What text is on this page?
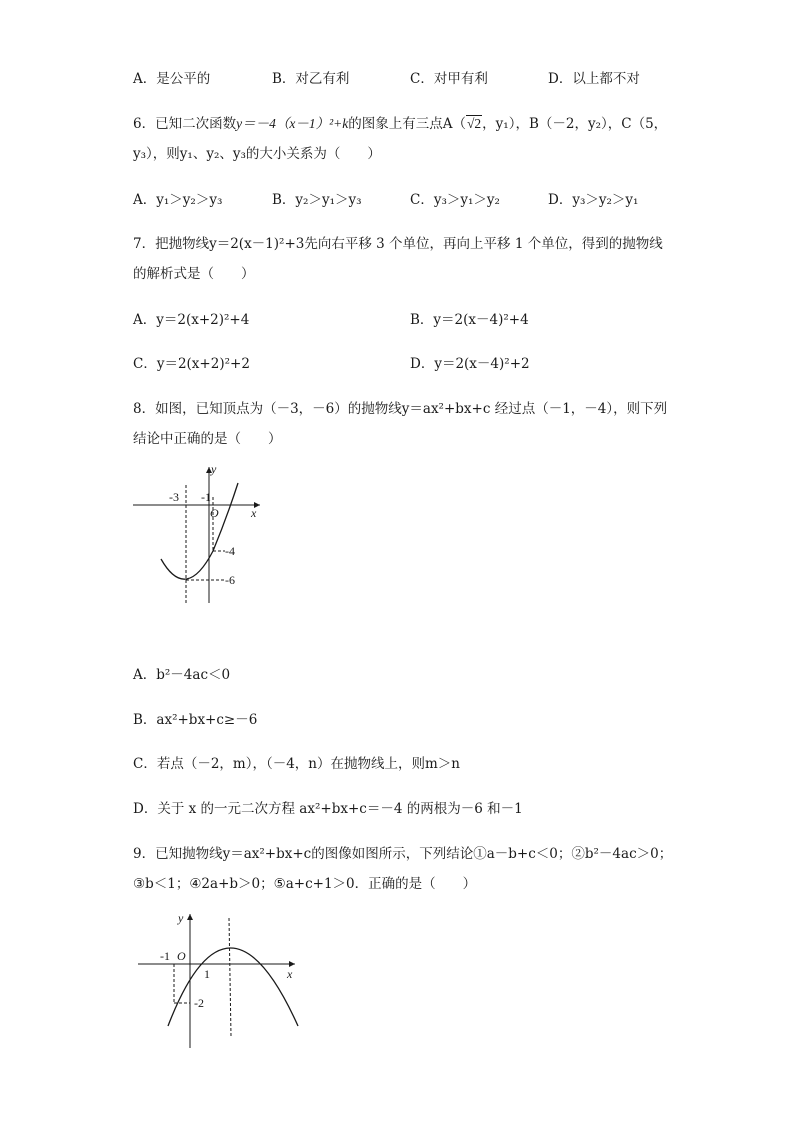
A．是公平的	B．对乙有利	C．对甲有利	D．以上都不对
6．已知二次函数y＝－4（x－1）²+k的图象上有三点A（√2，y₁），B（－2，y₂），C（5，
y₃），则y₁、y₂、y₃的大小关系为（　　）
A．y₁＞y₂＞y₃	B．y₂＞y₁＞y₃	C．y₃＞y₁＞y₂	D．y₃＞y₂＞y₁
7．把抛物线y＝2(x－1)²+3先向右平移 3 个单位，再向上平移 1 个单位，得到的抛物线
的解析式是（　　）
A．y＝2(x+2)²+4	B．y＝2(x－4)²+4
C．y＝2(x+2)²+2	D．y＝2(x－4)²+2
8．如图，已知顶点为（－3，－6）的抛物线y＝ax²+bx+c 经过点（－1，－4），则下列
结论中正确的是（　　）
y
x
O
-3 -1
-4
-6
A．b²－4ac＜0
B．ax²+bx+c≥－6
C．若点（－2，m），（－4，n）在抛物线上，则m＞n
D．关于 x 的一元二次方程 ax²+bx+c＝－4 的两根为－6 和－1
9．已知抛物线y＝ax²+bx+c的图像如图所示，下列结论①a－b+c＜0；②b²－4ac＞0；
③b＜1；④2a+b＞0；⑤a+c+1＞0．正确的是（　　）
y
x
O
-1
1
-2
